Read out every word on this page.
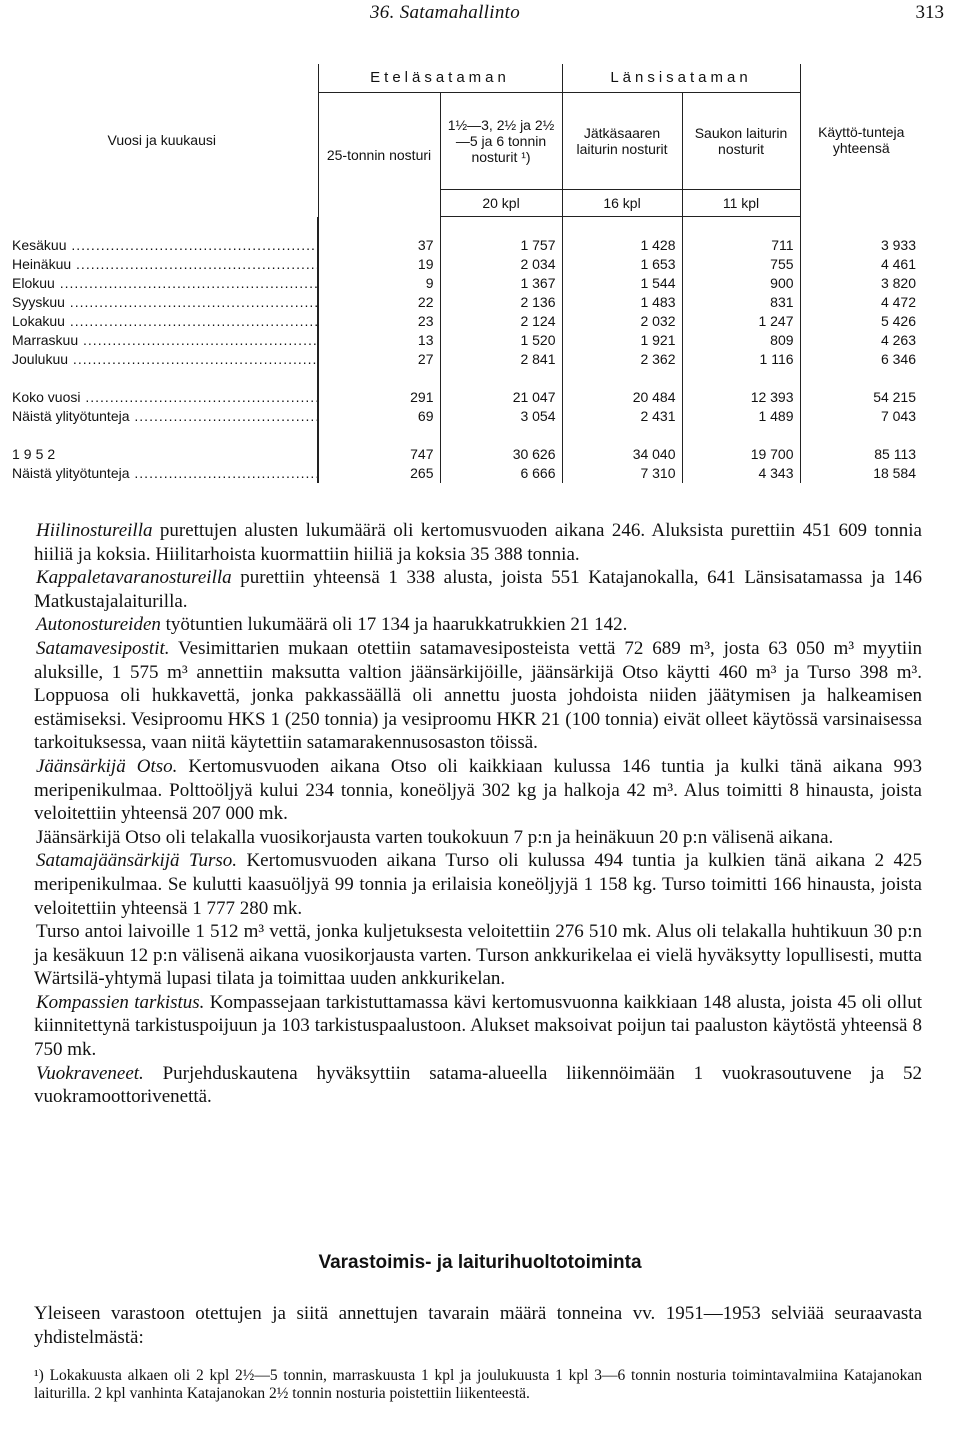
36. Satamahallinto	313
Vuosi ja kuukausi	Eteläsataman		Länsisataman		Käyttö-tunteja yhteensä
	25-tonnin nosturi	1½—3, 2½ ja 2½—5 ja 6 tonnin nosturit ¹)	Jätkäsaaren laiturin nosturit	Saukon laiturin nosturit	
		20 kpl	16 kpl	11 kpl	

Kesäkuu .....	37	1 757	1 428	711	3 933
Heinäkuu .....	19	2 034	1 653	755	4 461
Elokuu .....	9	1 367	1 544	900	3 820
Syyskuu .....	22	2 136	1 483	831	4 472
Lokakuu .....	23	2 124	2 032	1 247	5 426
Marraskuu .....	13	1 520	1 921	809	4 263
Joulukuu .....	27	2 841	2 362	1 116	6 346

Koko vuosi .....	291	21 047	20 484	12 393	54 215
Näistä ylityötunteja .....	69	3 054	2 431	1 489	7 043

1952	747	30 626	34 040	19 700	85 113
Näistä ylityötunteja .....	265	6 666	7 310	4 343	18 584

Hiilinostureilla purettujen alusten lukumäärä oli kertomusvuoden aikana 246. Aluksista purettiin 451 609 tonnia hiiliä ja koksia. Hiilitarhoista kuormattiin hiiliä ja koksia 35 388 tonnia.

Kappaletavaranostureilla purettiin yhteensä 1 338 alusta, joista 551 Katajanokalla, 641 Länsisatamassa ja 146 Matkustajalaiturilla.

Autonostureiden työtuntien lukumäärä oli 17 134 ja haarukkatrukkien 21 142.

Satamavesipostit. Vesimittarien mukaan otettiin satamavesiposteista vettä 72 689 m³, josta 63 050 m³ myytiin aluksille, 1 575 m³ annettiin maksutta valtion jäänsärkijöille, jäänsärkijä Otso käytti 460 m³ ja Turso 398 m³. Loppuosa oli hukkavettä, jonka pakkassäällä oli annettu juosta johdoista niiden jäätymisen ja halkeamisen estämiseksi. Vesiproomu HKS 1 (250 tonnia) ja vesiproomu HKR 21 (100 tonnia) eivät olleet käytössä varsinaisessa tarkoituksessa, vaan niitä käytettiin satamarakennusosaston töissä.

Jäänsärkijä Otso. Kertomusvuoden aikana Otso oli kaikkiaan kulussa 146 tuntia ja kulki tänä aikana 993 meripenikulmaa. Polttoöljyä kului 234 tonnia, koneöljyä 302 kg ja halkoja 42 m³. Alus toimitti 8 hinausta, joista veloitettiin yhteensä 207 000 mk.

Jäänsärkijä Otso oli telakalla vuosikorjausta varten toukokuun 7 p:n ja heinäkuun 20 p:n välisenä aikana.

Satamajäänsärkijä Turso. Kertomusvuoden aikana Turso oli kulussa 494 tuntia ja kulkien tänä aikana 2 425 meripenikulmaa. Se kulutti kaasuöljyä 99 tonnia ja erilaisia koneöljyjä 1 158 kg. Turso toimitti 166 hinausta, joista veloitettiin yhteensä 1 777 280 mk.

Turso antoi laivoille 1 512 m³ vettä, jonka kuljetuksesta veloitettiin 276 510 mk. Alus oli telakalla huhtikuun 30 p:n ja kesäkuun 12 p:n välisenä aikana vuosikorjausta varten. Turson ankkurikelaa ei vielä hyväksytty lopullisesti, mutta Wärtsilä-yhtymä lupasi tilata ja toimittaa uuden ankkurikelan.

Kompassien tarkistus. Kompassejaan tarkistuttamassa kävi kertomusvuonna kaikkiaan 148 alusta, joista 45 oli ollut kiinnitettynä tarkistuspoijuun ja 103 tarkistuspaalustoon. Alukset maksoivat poijun tai paaluston käytöstä yhteensä 8 750 mk.

Vuokraveneet. Purjehduskautena hyväksyttiin satama-alueella liikennöimään 1 vuokrasoutuvene ja 52 vuokramoottorivenettä.

Varastoimis- ja laiturihuoltotoiminta

Yleiseen varastoon otettujen ja siitä annettujen tavarain määrä tonneina vv. 1951—1953 selviää seuraavasta yhdistelmästä:

¹) Lokakuusta alkaen oli 2 kpl 2½—5 tonnin, marraskuusta 1 kpl ja joulukuusta 1 kpl 3—6 tonnin nosturia toimintavalmiina Katajanokan laiturilla. 2 kpl vanhinta Katajanokan 2½ tonnin nosturia poistettiin liikenteestä.
